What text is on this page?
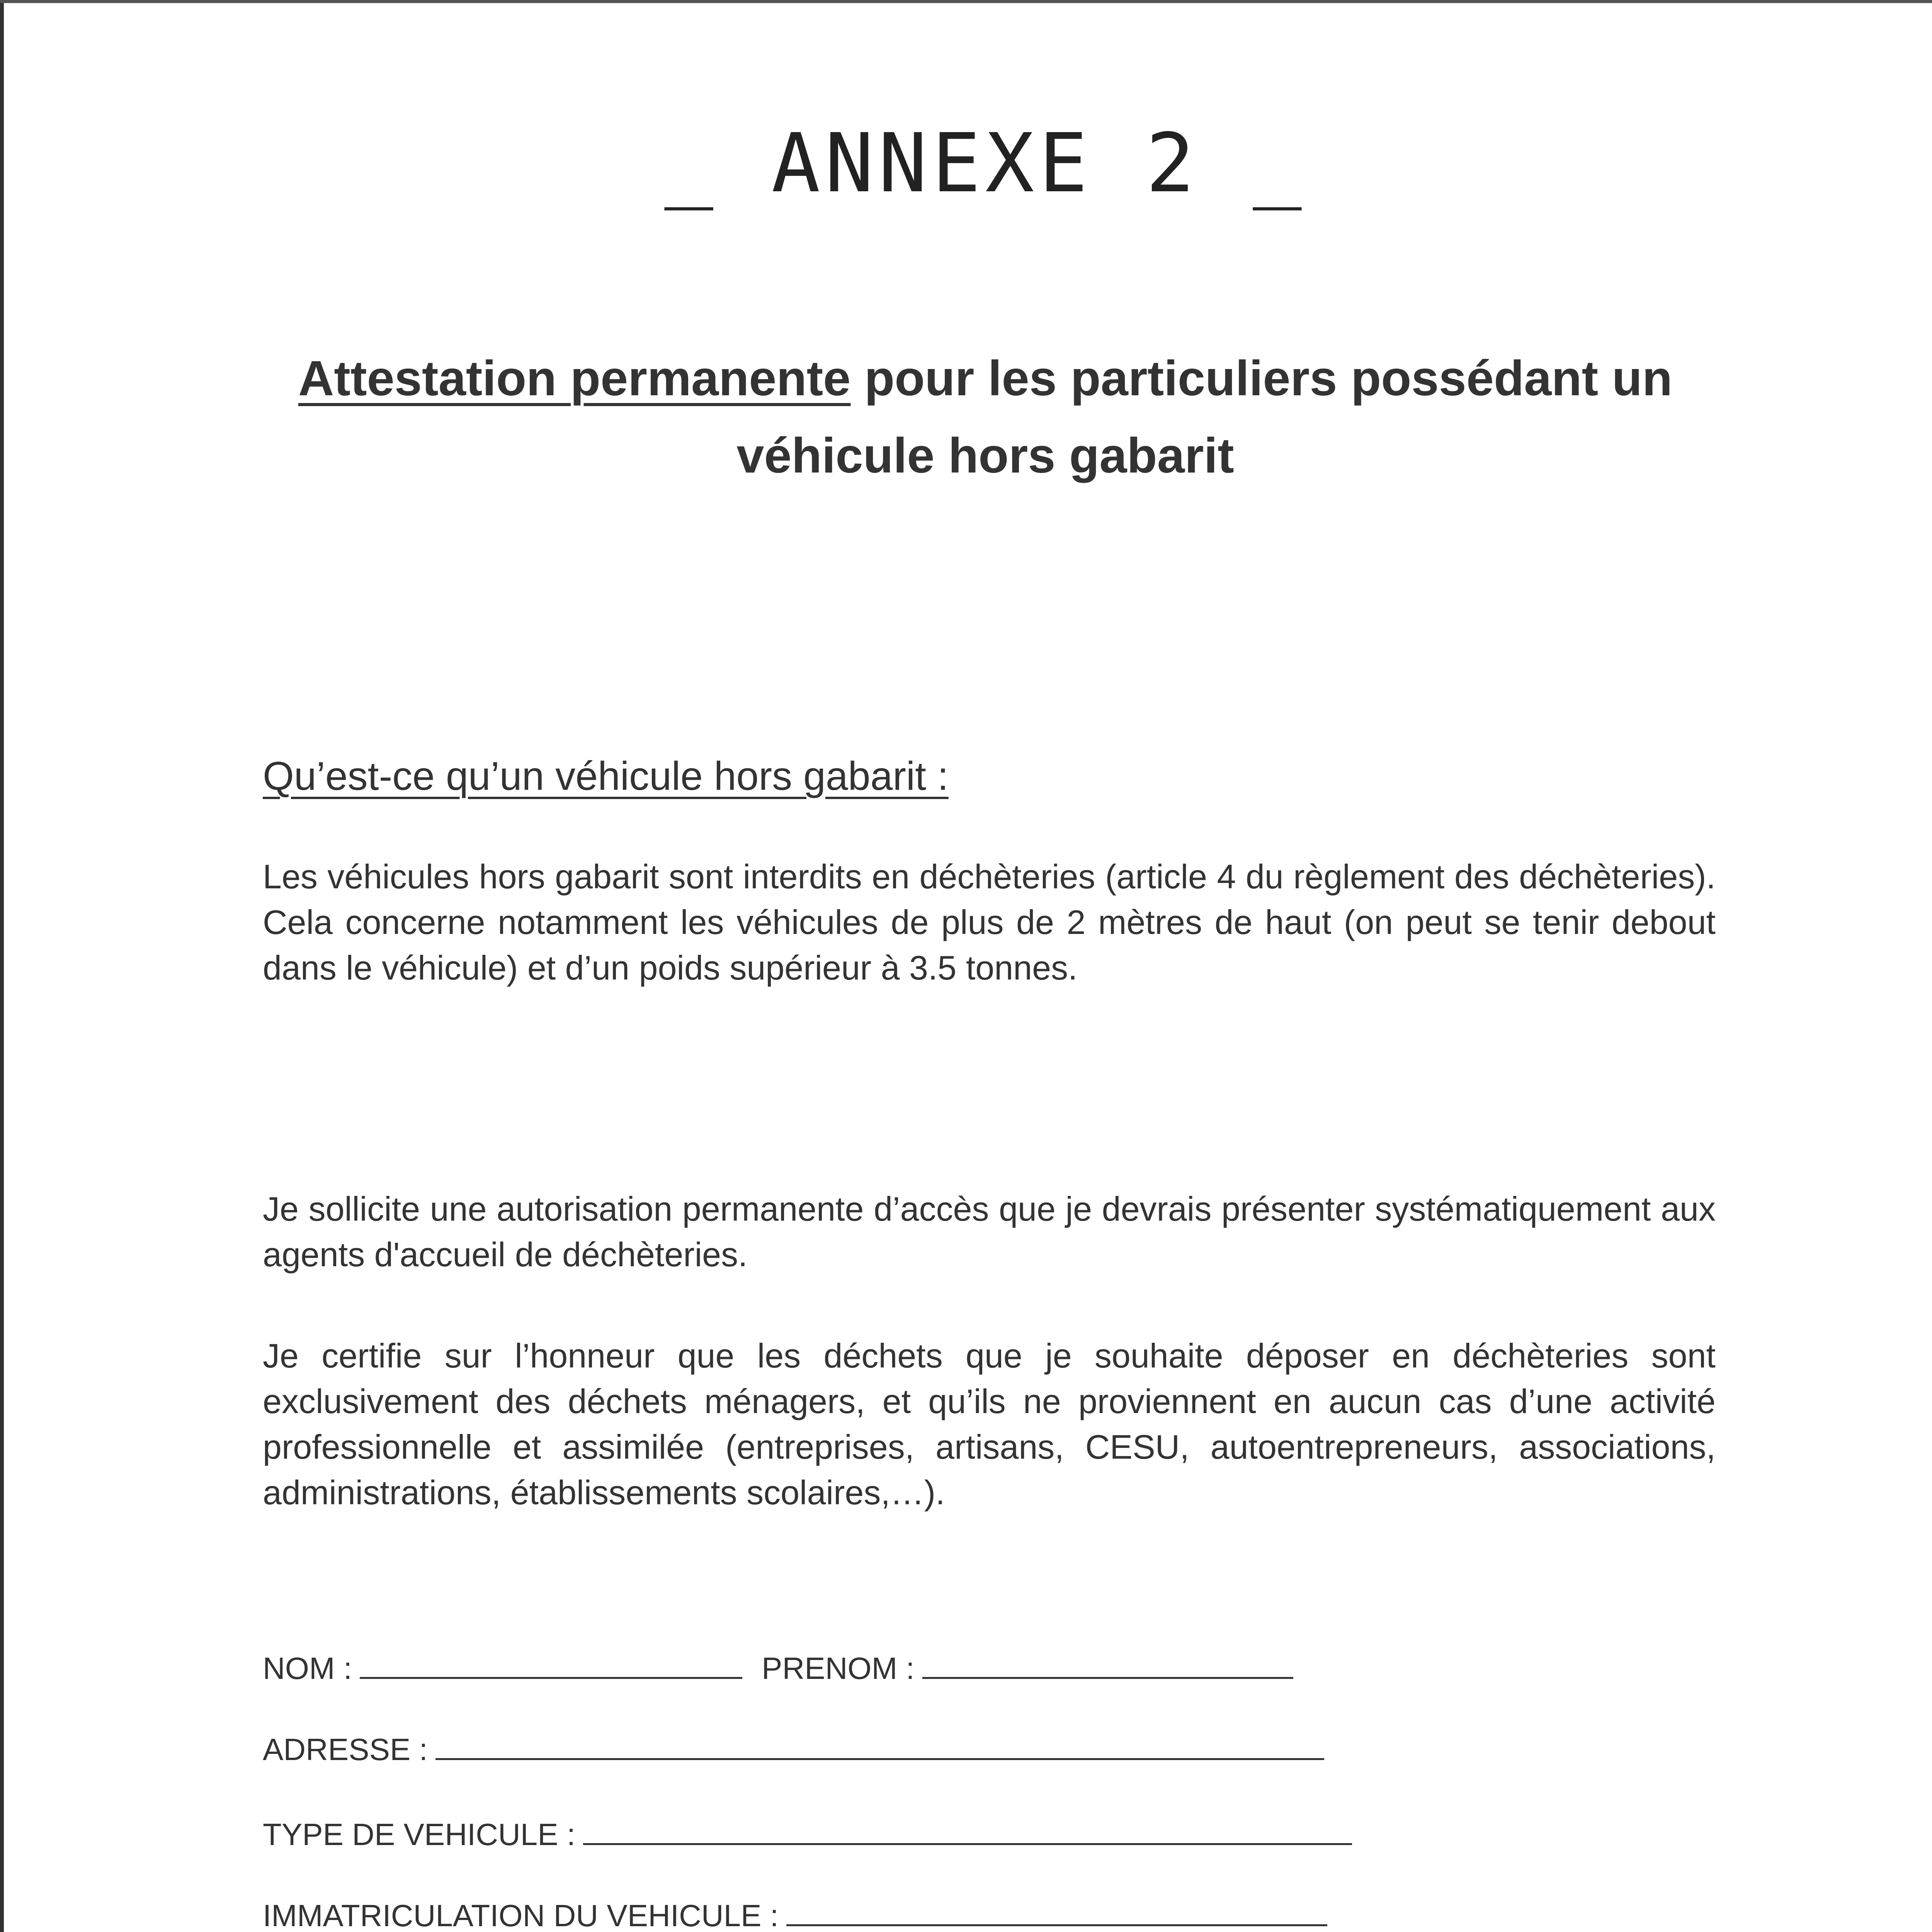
_ ANNEXE 2 _
Attestation permanente pour les particuliers possédant un véhicule hors gabarit
Qu’est-ce qu’un véhicule hors gabarit :
Les véhicules hors gabarit sont interdits en déchèteries (article 4 du règlement des déchèteries). Cela concerne notamment les véhicules de plus de 2 mètres de haut (on peut se tenir debout dans le véhicule) et d’un poids supérieur à 3.5 tonnes.
Je sollicite une autorisation permanente d’accès que je devrais présenter systématiquement aux agents d'accueil de déchèteries.
Je certifie sur l’honneur que les déchets que je souhaite déposer en déchèteries sont exclusivement des déchets ménagers, et qu’ils ne proviennent en aucun cas d’une activité professionnelle et assimilée (entreprises, artisans, CESU, autoentrepreneurs, associations, administrations, établissements scolaires,…).
NOM :	PRENOM :
ADRESSE :
TYPE DE VEHICULE :
IMMATRICULATION DU VEHICULE :
